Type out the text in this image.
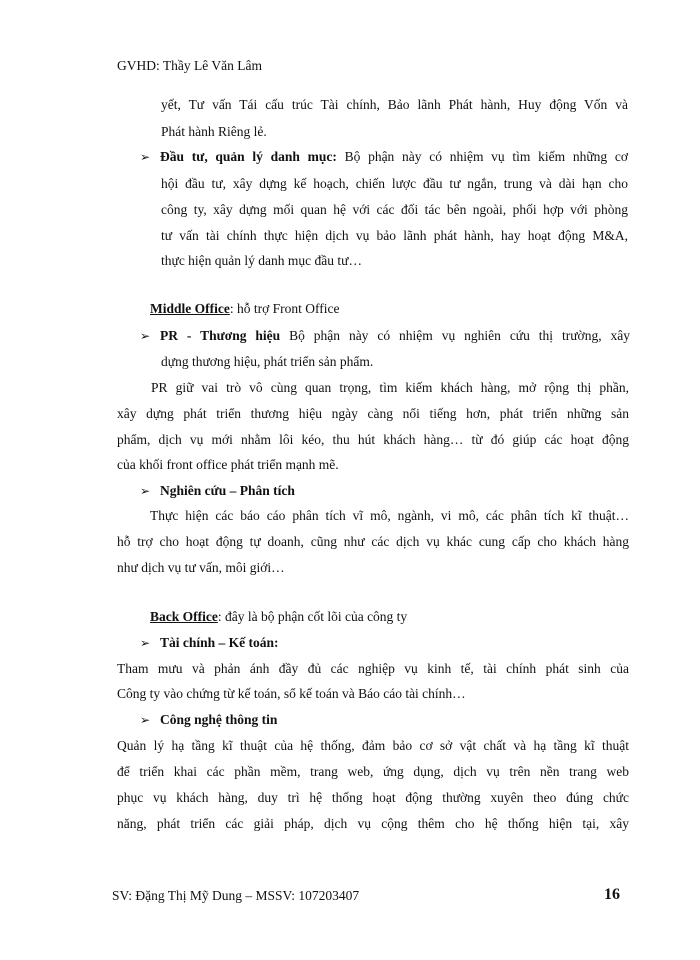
GVHD: Thầy Lê Văn Lâm
yết, Tư vấn Tái cấu trúc Tài chính, Bảo lãnh Phát hành, Huy động Vốn và
Phát hành Riêng lẻ.
➢ Đầu tư, quản lý danh mục: Bộ phận này có nhiệm vụ tìm kiếm những cơ
hội đầu tư, xây dựng kế hoạch, chiến lược đầu tư ngắn, trung và dài hạn cho
công ty, xây dựng mối quan hệ với các đối tác bên ngoài, phối hợp với phòng
tư vấn tài chính thực hiện dịch vụ bảo lãnh phát hành, hay hoạt động M&A,
thực hiện quản lý danh mục đầu tư…
Middle Office: hỗ trợ Front Office
➢ PR - Thương hiệu Bộ phận này có nhiệm vụ nghiên cứu thị trường, xây
dựng thương hiệu, phát triển sản phẩm.
PR giữ vai trò vô cùng quan trọng, tìm kiếm khách hàng, mở rộng thị phần,
xây dựng phát triển thương hiệu ngày càng nổi tiếng hơn, phát triển những sản
phẩm, dịch vụ mới nhằm lôi kéo, thu hút khách hàng… từ đó giúp các hoạt động
của khối front office phát triển mạnh mẽ.
➢ Nghiên cứu – Phân tích
Thực hiện các báo cáo phân tích vĩ mô, ngành, vi mô, các phân tích kĩ thuật…
hỗ trợ cho hoạt động tự doanh, cũng như các dịch vụ khác cung cấp cho khách hàng
như dịch vụ tư vấn, môi giới…
Back Office: đây là bộ phận cốt lõi của công ty
➢ Tài chính – Kế toán:
Tham mưu và phản ánh đầy đủ các nghiệp vụ kinh tế, tài chính phát sinh của
Công ty vào chứng từ kế toán, sổ kế toán và Báo cáo tài chính…
➢ Công nghệ thông tin
Quản lý hạ tầng kĩ thuật của hệ thống, đảm bảo cơ sở vật chất và hạ tầng kĩ thuật
để triển khai các phần mềm, trang web, ứng dụng, dịch vụ trên nền trang web
phục vụ khách hàng, duy trì hệ thống hoạt động thường xuyên theo đúng chức
năng, phát triển các giải pháp, dịch vụ cộng thêm cho hệ thống hiện tại, xây
SV: Đặng Thị Mỹ Dung – MSSV: 107203407	16
